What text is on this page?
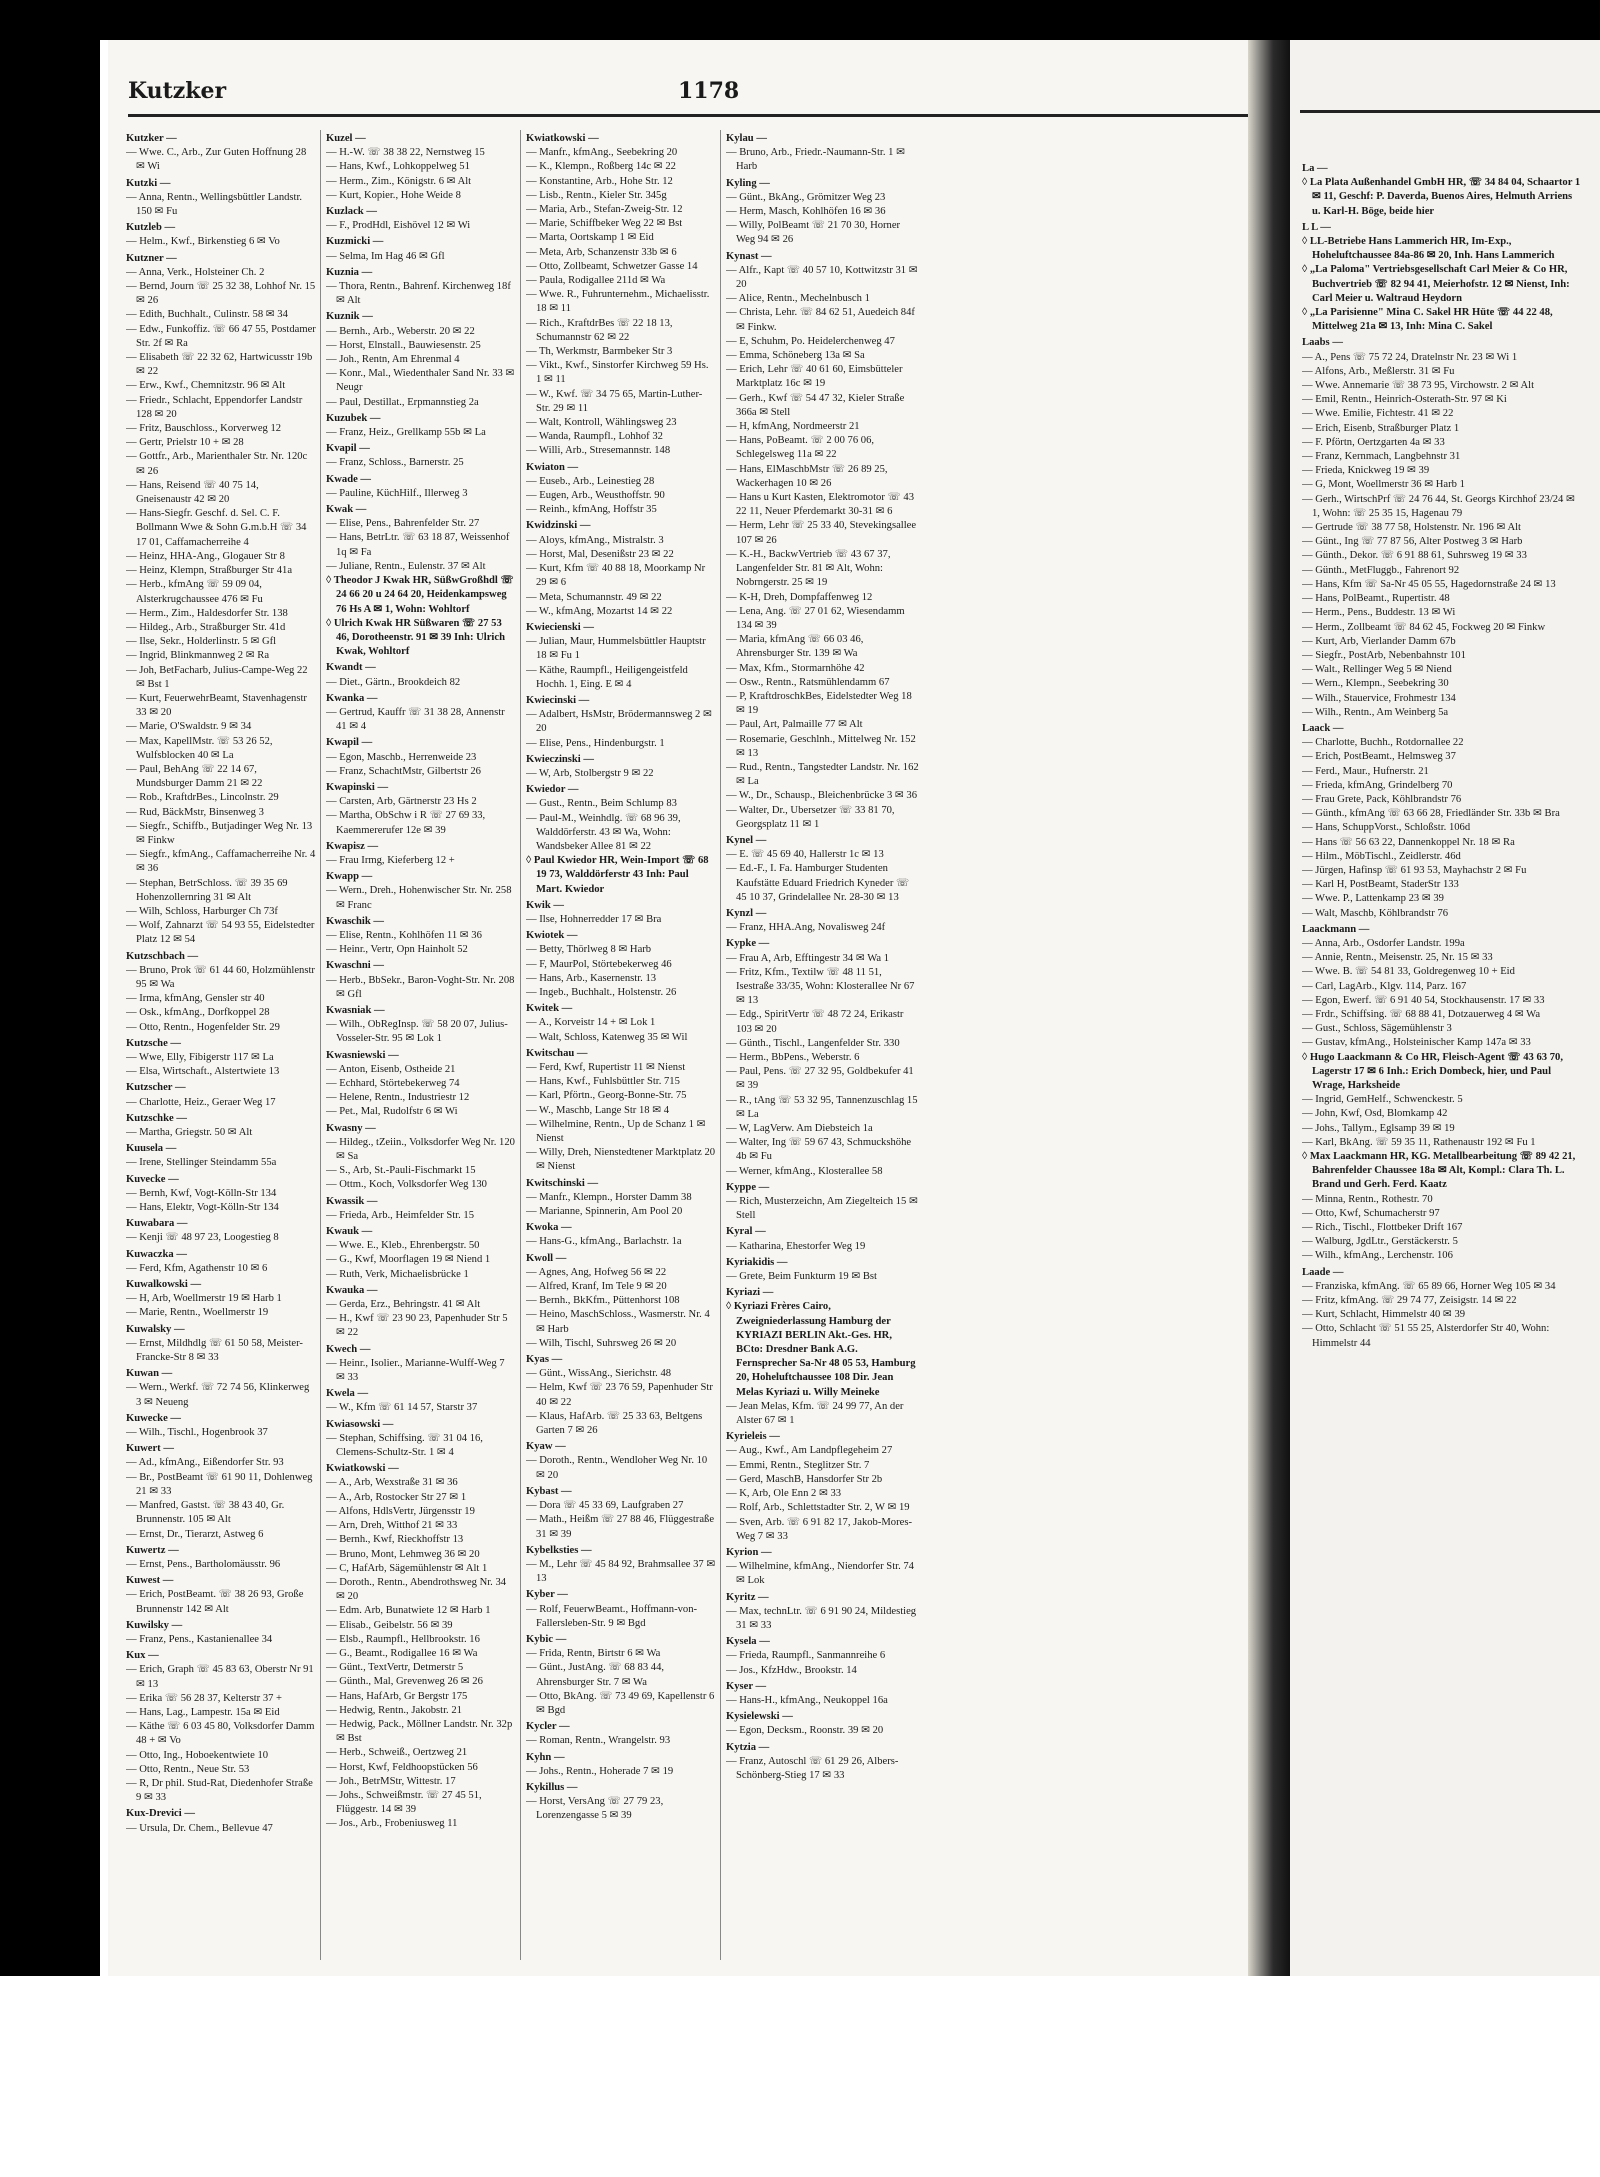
Kutzker	1178
Kutzker —
— Wwe. C., Arb., Zur Guten Hoffnung 28 ✉ Wi
Kutzki —
— Anna, Rentn., Wellingsbüttler Landstr. 150 ✉ Fu
Kutzleb —
— Helm., Kwf., Birkenstieg 6 ✉ Vo
Kutzner —
— Anna, Verk., Holsteiner Ch. 2
— Bernd, Journ ☏ 25 32 38, Lohhof Nr. 15 ✉ 26
— Edith, Buchhalt., Culinstr. 58 ✉ 34
— Edw., Funkoffiz. ☏ 66 47 55, Postdamer Str. 2f ✉ Ra
— Elisabeth ☏ 22 32 62, Hartwicusstr 19b ✉ 22
— Erw., Kwf., Chemnitzstr. 96 ✉ Alt
— Friedr., Schlacht, Eppendorfer Landstr 128 ✉ 20
— Fritz, Bauschloss., Korverweg 12
— Gertr, Prielstr 10 + ✉ 28
— Gottfr., Arb., Marienthaler Str. Nr. 120c ✉ 26
— Hans, Reisend ☏ 40 75 14, Gneisenaustr 42 ✉ 20
— Hans-Siegfr. Geschf. d. Sel. C. F. Bollmann Wwe & Sohn G.m.b.H ☏ 34 17 01, Caffamacherreihe 4
— Heinz, HHA-Ang., Glogauer Str 8
— Heinz, Klempn, Straßburger Str 41a
— Herb., kfmAng ☏ 59 09 04, Alsterkrugchaussee 476 ✉ Fu
— Herm., Zim., Haldesdorfer Str. 138
— Hildeg., Arb., Straßburger Str. 41d
— Ilse, Sekr., Holderlinstr. 5 ✉ Gfl
— Ingrid, Blinkmannweg 2 ✉ Ra
— Joh, BetFacharb, Julius-Campe-Weg 22 ✉ Bst 1
— Kurt, FeuerwehrBeamt, Stavenhagenstr 33 ✉ 20
— Marie, O'Swaldstr. 9 ✉ 34
— Max, KapellMstr. ☏ 53 26 52, Wulfsblocken 40 ✉ La
— Paul, BehAng ☏ 22 14 67, Mundsburger Damm 21 ✉ 22
— Rob., KraftdrBes., Lincolnstr. 29
— Rud, BäckMstr, Binsenweg 3
— Siegfr., Schiffb., Butjadinger Weg Nr. 13 ✉ Finkw
— Siegfr., kfmAng., Caffamacherreihe Nr. 4 ✉ 36
— Stephan, BetrSchloss. ☏ 39 35 69 Hohenzollernring 31 ✉ Alt
— Wilh, Schloss, Harburger Ch 73f
— Wolf, Zahnarzt ☏ 54 93 55, Eidelstedter Platz 12 ✉ 54
Kutzschbach —
— Bruno, Prok ☏ 61 44 60, Holzmühlenstr 95 ✉ Wa
— Irma, kfmAng, Gensler str 40
— Osk., kfmAng., Dorfkoppel 28
— Otto, Rentn., Hogenfelder Str. 29
Kutzsche —
— Wwe, Elly, Fibigerstr 117 ✉ La
— Elsa, Wirtschaft., Alstertwiete 13
Kutzscher —
— Charlotte, Heiz., Geraer Weg 17
Kutzschke —
— Martha, Griegstr. 50 ✉ Alt
Kuusela —
— Irene, Stellinger Steindamm 55a
Kuvecke —
— Bernh, Kwf, Vogt-Kölln-Str 134
— Hans, Elektr, Vogt-Kölln-Str 134
Kuwabara —
— Kenji ☏ 48 97 23, Loogestieg 8
Kuwaczka —
— Ferd, Kfm, Agathenstr 10 ✉ 6
Kuwalkowski —
— H, Arb, Woellmerstr 19 ✉ Harb 1
— Marie, Rentn., Woellmerstr 19
Kuwalsky —
— Ernst, Mildhdlg ☏ 61 50 58, Meister-Francke-Str 8 ✉ 33
Kuwan —
— Wern., Werkf. ☏ 72 74 56, Klinkerweg 3 ✉ Neueng
Kuwecke —
— Wilh., Tischl., Hogenbrook 37
Kuwert —
— Ad., kfmAng., Eißendorfer Str. 93
— Br., PostBeamt ☏ 61 90 11, Dohlenweg 21 ✉ 33
— Manfred, Gastst. ☏ 38 43 40, Gr. Brunnenstr. 105 ✉ Alt
— Ernst, Dr., Tierarzt, Astweg 6
Kuwertz —
— Ernst, Pens., Bartholomäusstr. 96
Kuwest —
— Erich, PostBeamt. ☏ 38 26 93, Große Brunnenstr 142 ✉ Alt
Kuwilsky —
— Franz, Pens., Kastanienallee 34
Kux —
— Erich, Graph ☏ 45 83 63, Oberstr Nr 91 ✉ 13
— Erika ☏ 56 28 37, Kelterstr 37 +
— Hans, Lag., Lampestr. 15a ✉ Eid
— Käthe ☏ 6 03 45 80, Volksdorfer Damm 48 + ✉ Vo
— Otto, Ing., Hoboekentwiete 10
— Otto, Rentn., Neue Str. 53
— R, Dr phil. Stud-Rat, Diedenhofer Straße 9 ✉ 33
Kux-Drevici —
— Ursula, Dr. Chem., Bellevue 47
Kuzel —
— H.-W. ☏ 38 38 22, Nernstweg 15
— Hans, Kwf., Lohkoppelweg 51
— Herm., Zim., Königstr. 6 ✉ Alt
— Kurt, Kopier., Hohe Weide 8
Kuzlack —
— F., ProdHdl, Eishövel 12 ✉ Wi
Kuzmicki —
— Selma, Im Hag 46 ✉ Gfl
Kuznia —
— Thora, Rentn., Bahrenf. Kirchenweg 18f ✉ Alt
Kuznik —
— Bernh., Arb., Weberstr. 20 ✉ 22
— Horst, Elnstall., Bauwiesenstr. 25
— Joh., Rentn, Am Ehrenmal 4
— Konr., Mal., Wiedenthaler Sand Nr. 33 ✉ Neugr
— Paul, Destillat., Erpmannstieg 2a
Kuzubek —
— Franz, Heiz., Grellkamp 55b ✉ La
Kvapil —
— Franz, Schloss., Barnerstr. 25
Kwade —
— Pauline, KüchHilf., Illerweg 3
Kwak —
— Elise, Pens., Bahrenfelder Str. 27
— Hans, BetrLtr. ☏ 63 18 87, Weissenhof 1q ✉ Fa
— Juliane, Rentn., Eulenstr. 37 ✉ Alt
◊ Theodor J Kwak HR, SüßwGroßhdl ☏ 24 66 20 u 24 64 20, Heidenkampsweg 76 Hs A ✉ 1, Wohn: Wohltorf
◊ Ulrich Kwak HR Süßwaren ☏ 27 53 46, Dorotheenstr. 91 ✉ 39 Inh: Ulrich Kwak, Wohltorf
Kwandt —
— Diet., Gärtn., Brookdeich 82
Kwanka —
— Gertrud, Kauffr ☏ 31 38 28, Annenstr 41 ✉ 4
Kwapil —
— Egon, Maschb., Herrenweide 23
— Franz, SchachtMstr, Gilbertstr 26
Kwapinski —
— Carsten, Arb, Gärtnerstr 23 Hs 2
— Martha, ObSchw i R ☏ 27 69 33, Kaemmererufer 12e ✉ 39
Kwapisz —
— Frau Irmg, Kieferberg 12 +
Kwapp —
— Wern., Dreh., Hohenwischer Str. Nr. 258 ✉ Franc
Kwaschik —
— Elise, Rentn., Kohlhöfen 11 ✉ 36
— Heinr., Vertr, Opn Hainholt 52
Kwaschni —
— Herb., BbSekr., Baron-Voght-Str. Nr. 208 ✉ Gfl
Kwasniak —
— Wilh., ObRegInsp. ☏ 58 20 07, Julius-Vosseler-Str. 95 ✉ Lok 1
Kwasniewski —
— Anton, Eisenb, Ostheide 21
— Echhard, Störtebekerweg 74
— Helene, Rentn., Industriestr 12
— Pet., Mal, Rudolfstr 6 ✉ Wi
Kwasny —
— Hildeg., tZeiin., Volksdorfer Weg Nr. 120 ✉ Sa
— S., Arb, St.-Pauli-Fischmarkt 15
— Ottm., Koch, Volksdorfer Weg 130
Kwassik —
— Frieda, Arb., Heimfelder Str. 15
Kwauk —
— Wwe. E., Kleb., Ehrenbergstr. 50
— G., Kwf, Moorflagen 19 ✉ Niend 1
— Ruth, Verk, Michaelisbrücke 1
Kwauka —
— Gerda, Erz., Behringstr. 41 ✉ Alt
— H., Kwf ☏ 23 90 23, Papenhuder Str 5 ✉ 22
Kwech —
— Heinr., Isolier., Marianne-Wulff-Weg 7 ✉ 33
Kwela —
— W., Kfm ☏ 61 14 57, Starstr 37
Kwiasowski —
— Stephan, Schiffsing. ☏ 31 04 16, Clemens-Schultz-Str. 1 ✉ 4
Kwiatkowski —
— A., Arb, Wexstraße 31 ✉ 36
— A., Arb, Rostocker Str 27 ✉ 1
— Alfons, HdlsVertr, Jürgensstr 19
— Arn, Dreh, Witthof 21 ✉ 33
— Bernh., Kwf, Rieckhoffstr 13
— Bruno, Mont, Lehmweg 36 ✉ 20
— C, HafArb, Sägemühlenstr ✉ Alt 1
— Doroth., Rentn., Abendrothsweg Nr. 34 ✉ 20
— Edm. Arb, Bunatwiete 12 ✉ Harb 1
— Elisab., Geibelstr. 56 ✉ 39
— Elsb., Raumpfl., Hellbrookstr. 16
— G., Beamt., Rodigallee 16 ✉ Wa
— Günt., TextVertr, Detmerstr 5
— Günth., Mal, Grevenweg 26 ✉ 26
— Hans, HafArb, Gr Bergstr 175
— Hedwig, Rentn., Jakobstr. 21
— Hedwig, Pack., Möllner Landstr. Nr. 32p ✉ Bst
— Herb., Schweiß., Oertzweg 21
— Horst, Kwf, Feldhoopstücken 56
— Joh., BetrMStr, Wittestr. 17
— Johs., Schweißmstr. ☏ 27 45 51, Flüggestr. 14 ✉ 39
— Jos., Arb., Frobeniusweg 11
Kwiatkowski —
— Manfr., kfmAng., Seebekring 20
— K., Klempn., Roßberg 14c ✉ 22
— Konstantine, Arb., Hohe Str. 12
— Lisb., Rentn., Kieler Str. 345g
— Maria, Arb., Stefan-Zweig-Str. 12
— Marie, Schiffbeker Weg 22 ✉ Bst
— Marta, Oortskamp 1 ✉ Eid
— Meta, Arb, Schanzenstr 33b ✉ 6
— Otto, Zollbeamt, Schwetzer Gasse 14
— Paula, Rodigallee 211d ✉ Wa
— Wwe. R., Fuhrunternehm., Michaelisstr. 18 ✉ 11
— Rich., KraftdrBes ☏ 22 18 13, Schumannstr 62 ✉ 22
— Th, Werkmstr, Barmbeker Str 3
— Vikt., Kwf., Sinstorfer Kirchweg 59 Hs. 1 ✉ 11
— W., Kwf. ☏ 34 75 65, Martin-Luther-Str. 29 ✉ 11
— Walt, Kontroll, Wählingsweg 23
— Wanda, Raumpfl., Lohhof 32
— Willi, Arb., Stresemannstr. 148
Kwiaton —
— Euseb., Arb., Leinestieg 28
— Eugen, Arb., Weusthoffstr. 90
— Reinh., kfmAng, Hoffstr 35
Kwidzinski —
— Aloys, kfmAng., Mistralstr. 3
— Horst, Mal, Desenißstr 23 ✉ 22
— Kurt, Kfm ☏ 40 88 18, Moorkamp Nr 29 ✉ 6
— Meta, Schumannstr. 49 ✉ 22
— W., kfmAng, Mozartst 14 ✉ 22
Kwiecienski —
— Julian, Maur, Hummelsbüttler Hauptstr 18 ✉ Fu 1
— Käthe, Raumpfl., Heiligengeistfeld Hochh. 1, Eing. E ✉ 4
Kwiecinski —
— Adalbert, HsMstr, Brödermannsweg 2 ✉ 20
— Elise, Pens., Hindenburgstr. 1
Kwieczinski —
— W, Arb, Stolbergstr 9 ✉ 22
Kwiedor —
— Gust., Rentn., Beim Schlump 83
— Paul-M., Weinhdlg. ☏ 68 96 39, Walddörferstr. 43 ✉ Wa, Wohn: Wandsbeker Allee 81 ✉ 22
◊ Paul Kwiedor HR, Wein-Import ☏ 68 19 73, Walddörferstr 43 Inh: Paul Mart. Kwiedor
Kwik —
— Ilse, Hohnerredder 17 ✉ Bra
Kwiotek —
— Betty, Thörlweg 8 ✉ Harb
— F, MaurPol, Störtebekerweg 46
— Hans, Arb., Kasernenstr. 13
— Ingeb., Buchhalt., Holstenstr. 26
Kwitek —
— A., Korveistr 14 + ✉ Lok 1
— Walt, Schloss, Katenweg 35 ✉ Wil
Kwitschau —
— Ferd, Kwf, Rupertistr 11 ✉ Nienst
— Hans, Kwf., Fuhlsbüttler Str. 715
— Karl, Pförtn., Georg-Bonne-Str. 75
— W., Maschb, Lange Str 18 ✉ 4
— Wilhelmine, Rentn., Up de Schanz 1 ✉ Nienst
— Willy, Dreh, Nienstedtener Marktplatz 20 ✉ Nienst
Kwitschinski —
— Manfr., Klempn., Horster Damm 38
— Marianne, Spinnerin, Am Pool 20
Kwoka —
— Hans-G., kfmAng., Barlachstr. 1a
Kwoll —
— Agnes, Ang, Hofweg 56 ✉ 22
— Alfred, Kranf, Im Tele 9 ✉ 20
— Bernh., BkKfm., Püttenhorst 108
— Heino, MaschSchloss., Wasmerstr. Nr. 4 ✉ Harb
— Wilh, Tischl, Suhrsweg 26 ✉ 20
Kyas —
— Günt., WissAng., Sierichstr. 48
— Helm, Kwf ☏ 23 76 59, Papenhuder Str 40 ✉ 22
— Klaus, HafArb. ☏ 25 33 63, Beltgens Garten 7 ✉ 26
Kyaw —
— Doroth., Rentn., Wendloher Weg Nr. 10 ✉ 20
Kybast —
— Dora ☏ 45 33 69, Laufgraben 27
— Math., Heißm ☏ 27 88 46, Flüggestraße 31 ✉ 39
Kybelksties —
— M., Lehr ☏ 45 84 92, Brahmsallee 37 ✉ 13
Kyber —
— Rolf, FeuerwBeamt., Hoffmann-von-Fallersleben-Str. 9 ✉ Bgd
Kybic —
— Frida, Rentn, Birtstr 6 ✉ Wa
— Günt., JustAng. ☏ 68 83 44, Ahrensburger Str. 7 ✉ Wa
— Otto, BkAng. ☏ 73 49 69, Kapellenstr 6 ✉ Bgd
Kycler —
— Roman, Rentn., Wrangelstr. 93
Kyhn —
— Johs., Rentn., Hoherade 7 ✉ 19
Kykillus —
— Horst, VersAng ☏ 27 79 23, Lorenzengasse 5 ✉ 39
Kylau —
— Bruno, Arb., Friedr.-Naumann-Str. 1 ✉ Harb
Kyling —
— Günt., BkAng., Grömitzer Weg 23
— Herm, Masch, Kohlhöfen 16 ✉ 36
— Willy, PolBeamt ☏ 21 70 30, Horner Weg 94 ✉ 26
Kynast —
— Alfr., Kapt ☏ 40 57 10, Kottwitzstr 31 ✉ 20
— Alice, Rentn., Mechelnbusch 1
— Christa, Lehr. ☏ 84 62 51, Auedeich 84f ✉ Finkw.
— E, Schuhm, Po. Heidelerchenweg 47
— Emma, Schöneberg 13a ✉ Sa
— Erich, Lehr ☏ 40 61 60, Eimsbütteler Marktplatz 16c ✉ 19
— Gerh., Kwf ☏ 54 47 32, Kieler Straße 366a ✉ Stell
— H, kfmAng, Nordmeerstr 21
— Hans, PoBeamt. ☏ 2 00 76 06, Schlegelsweg 11a ✉ 22
— Hans, ElMaschbMstr ☏ 26 89 25, Wackerhagen 10 ✉ 26
— Hans u Kurt Kasten, Elektromotor ☏ 43 22 11, Neuer Pferdemarkt 30-31 ✉ 6
— Herm, Lehr ☏ 25 33 40, Stevekingsallee 107 ✉ 26
— K.-H., BackwVertrieb ☏ 43 67 37, Langenfelder Str. 81 ✉ Alt, Wohn: Nobrngerstr. 25 ✉ 19
— K-H, Dreh, Dompfaffenweg 12
— Lena, Ang. ☏ 27 01 62, Wiesendamm 134 ✉ 39
— Maria, kfmAng ☏ 66 03 46, Ahrensburger Str. 139 ✉ Wa
— Max, Kfm., Stormarnhöhe 42
— Osw., Rentn., Ratsmühlendamm 67
— P, KraftdroschkBes, Eidelstedter Weg 18 ✉ 19
— Paul, Art, Palmaille 77 ✉ Alt
— Rosemarie, Geschlnh., Mittelweg Nr. 152 ✉ 13
— Rud., Rentn., Tangstedter Landstr. Nr. 162 ✉ La
— W., Dr., Schausp., Bleichenbrücke 3 ✉ 36
— Walter, Dr., Ubersetzer ☏ 33 81 70, Georgsplatz 11 ✉ 1
Kynel —
— E. ☏ 45 69 40, Hallerstr 1c ✉ 13
— Ed.-F., I. Fa. Hamburger Studenten Kaufstätte Eduard Friedrich Kyneder ☏ 45 10 37, Grindelallee Nr. 28-30 ✉ 13
Kynzl —
— Franz, HHA.Ang, Novalisweg 24f
Kypke —
— Frau A, Arb, Efftingestr 34 ✉ Wa 1
— Fritz, Kfm., Textilw ☏ 48 11 51, Isestraße 33/35, Wohn: Klosterallee Nr 67 ✉ 13
— Edg., SpiritVertr ☏ 48 72 24, Erikastr 103 ✉ 20
— Günth., Tischl., Langenfelder Str. 330
— Herm., BbPens., Weberstr. 6
— Paul, Pens. ☏ 27 32 95, Goldbekufer 41 ✉ 39
— R., tAng ☏ 53 32 95, Tannenzuschlag 15 ✉ La
— W, LagVerw. Am Diebsteich 1a
— Walter, Ing ☏ 59 67 43, Schmuckshöhe 4b ✉ Fu
— Werner, kfmAng., Klosterallee 58
Kyppe —
— Rich, Musterzeichn, Am Ziegelteich 15 ✉ Stell
Kyral —
— Katharina, Ehestorfer Weg 19
Kyriakidis —
— Grete, Beim Funkturm 19 ✉ Bst
Kyriazi —
◊ Kyriazi Frères Cairo, Zweigniederlassung Hamburg der KYRIAZI BERLIN Akt.-Ges. HR, BCto: Dresdner Bank A.G. Fernsprecher Sa-Nr 48 05 53, Hamburg 20, Hoheluftchaussee 108 Dir. Jean Melas Kyriazi u. Willy Meineke
— Jean Melas, Kfm. ☏ 24 99 77, An der Alster 67 ✉ 1
Kyrieleis —
— Aug., Kwf., Am Landpflegeheim 27
— Emmi, Rentn., Steglitzer Str. 7
— Gerd, MaschB, Hansdorfer Str 2b
— K, Arb, Ole Enn 2 ✉ 33
— Rolf, Arb., Schlettstadter Str. 2, W ✉ 19
— Sven, Arb. ☏ 6 91 82 17, Jakob-Mores-Weg 7 ✉ 33
Kyrion —
— Wilhelmine, kfmAng., Niendorfer Str. 74 ✉ Lok
Kyritz —
— Max, technLtr. ☏ 6 91 90 24, Mildestieg 31 ✉ 33
Kysela —
— Frieda, Raumpfl., Sanmannreihe 6
— Jos., KfzHdw., Brookstr. 14
Kyser —
— Hans-H., kfmAng., Neukoppel 16a
Kysielewski —
— Egon, Decksm., Roonstr. 39 ✉ 20
Kytzia —
— Franz, Autoschl ☏ 61 29 26, Albers-Schönberg-Stieg 17 ✉ 33
La —
◊ La Plata Außenhandel GmbH HR, ☏ 34 84 04, Schaartor 1 ✉ 11, Geschf: P. Daverda, Buenos Aires, Helmuth Arriens u. Karl-H. Böge, beide hier
L L —
◊ LL-Betriebe Hans Lammerich HR, Im-Exp., Hoheluftchaussee 84a-86 ✉ 20, Inh. Hans Lammerich
◊ „La Paloma" Vertriebsgesellschaft Carl Meier & Co HR, Buchvertrieb ☏ 82 94 41, Meierhofstr. 12 ✉ Nienst, Inh: Carl Meier u. Waltraud Heydorn
◊ „La Parisienne" Mina C. Sakel HR Hüte ☏ 44 22 48, Mittelweg 21a ✉ 13, Inh: Mina C. Sakel
Laabs —
— A., Pens ☏ 75 72 24, Dratelnstr Nr. 23 ✉ Wi 1
— Alfons, Arb., Meßlerstr. 31 ✉ Fu
— Wwe. Annemarie ☏ 38 73 95, Virchowstr. 2 ✉ Alt
— Emil, Rentn., Heinrich-Osterath-Str. 97 ✉ Ki
— Wwe. Emilie, Fichtestr. 41 ✉ 22
— Erich, Eisenb, Straßburger Platz 1
— F. Pförtn, Oertzgarten 4a ✉ 33
— Franz, Kernmach, Langbehnstr 31
— Frieda, Knickweg 19 ✉ 39
— G, Mont, Woellmerstr 36 ✉ Harb 1
— Gerh., WirtschPrf ☏ 24 76 44, St. Georgs Kirchhof 23/24 ✉ 1, Wohn: ☏ 25 35 15, Hagenau 79
— Gertrude ☏ 38 77 58, Holstenstr. Nr. 196 ✉ Alt
— Günt., Ing ☏ 77 87 56, Alter Postweg 3 ✉ Harb
— Günth., Dekor. ☏ 6 91 88 61, Suhrsweg 19 ✉ 33
— Günth., MetFluggb., Fahrenort 92
— Hans, Kfm ☏ Sa-Nr 45 05 55, Hagedornstraße 24 ✉ 13
— Hans, PolBeamt., Rupertistr. 48
— Herm., Pens., Buddestr. 13 ✉ Wi
— Herm., Zollbeamt ☏ 84 62 45, Fockweg 20 ✉ Finkw
— Kurt, Arb, Vierlander Damm 67b
— Siegfr., PostArb, Nebenbahnstr 101
— Walt., Rellinger Weg 5 ✉ Niend
— Wern., Klempn., Seebekring 30
— Wilh., Stauervice, Frohmestr 134
— Wilh., Rentn., Am Weinberg 5a
Laack —
— Charlotte, Buchh., Rotdornallee 22
— Erich, PostBeamt., Helmsweg 37
— Ferd., Maur., Hufnerstr. 21
— Frieda, kfmAng, Grindelberg 70
— Frau Grete, Pack, Köhlbrandstr 76
— Günth., kfmAng ☏ 63 66 28, Friedländer Str. 33b ✉ Bra
— Hans, SchuppVorst., Schloßstr. 106d
— Hans ☏ 56 63 22, Dannenkoppel Nr. 18 ✉ Ra
— Hilm., MöbTischl., Zeidlerstr. 46d
— Jürgen, Hafinsp ☏ 61 93 53, Mayhachstr 2 ✉ Fu
— Karl H, PostBeamt, StaderStr 133
— Wwe. P., Lattenkamp 23 ✉ 39
— Walt, Maschb, Köhlbrandstr 76
Laackmann —
— Anna, Arb., Osdorfer Landstr. 199a
— Annie, Rentn., Meisenstr. 25, Nr. 15 ✉ 33
— Wwe. B. ☏ 54 81 33, Goldregenweg 10 + Eid
— Carl, LagArb., Klgv. 114, Parz. 167
— Egon, Ewerf. ☏ 6 91 40 54, Stockhausenstr. 17 ✉ 33
— Frdr., Schiffsing. ☏ 68 88 41, Dotzauerweg 4 ✉ Wa
— Gust., Schloss, Sägemühlenstr 3
— Gustav, kfmAng., Holsteinischer Kamp 147a ✉ 33
◊ Hugo Laackmann & Co HR, Fleisch-Agent ☏ 43 63 70, Lagerstr 17 ✉ 6 Inh.: Erich Dombeck, hier, und Paul Wrage, Harksheide
— Ingrid, GemHelf., Schwenckestr. 5
— John, Kwf, Osd, Blomkamp 42
— Johs., Tallym., Eglsamp 39 ✉ 19
— Karl, BkAng. ☏ 59 35 11, Rathenaustr 192 ✉ Fu 1
◊ Max Laackmann HR, KG. Metallbearbeitung ☏ 89 42 21, Bahrenfelder Chaussee 18a ✉ Alt, Kompl.: Clara Th. L. Brand und Gerh. Ferd. Kaatz
— Minna, Rentn., Rothestr. 70
— Otto, Kwf, Schumacherstr 97
— Rich., Tischl., Flottbeker Drift 167
— Walburg, JgdLtr., Gerstäckerstr. 5
— Wilh., kfmAng., Lerchenstr. 106
Laade —
— Franziska, kfmAng. ☏ 65 89 66, Horner Weg 105 ✉ 34
— Fritz, kfmAng. ☏ 29 74 77, Zeisigstr. 14 ✉ 22
— Kurt, Schlacht, Himmelstr 40 ✉ 39
— Otto, Schlacht ☏ 51 55 25, Alsterdorfer Str 40, Wohn: Himmelstr 44
